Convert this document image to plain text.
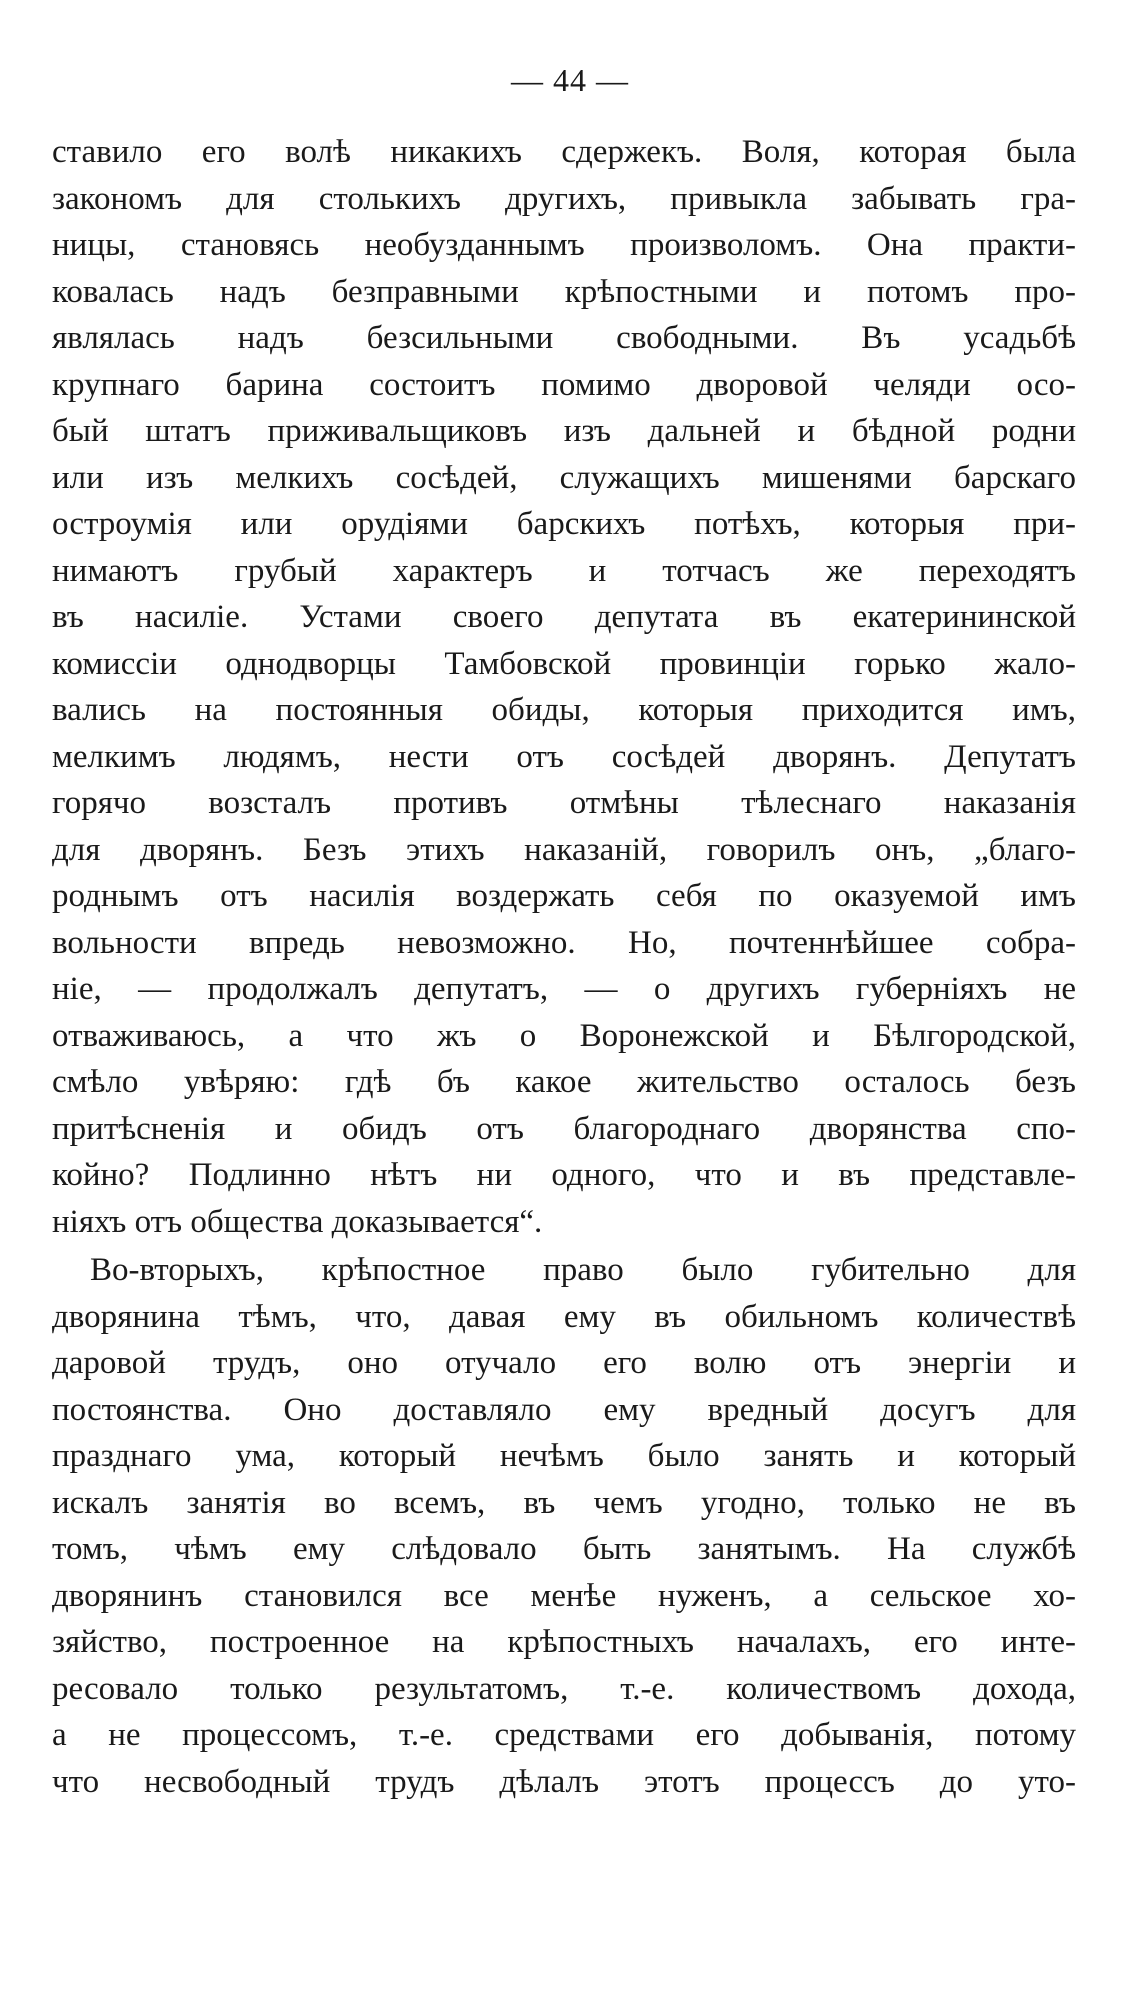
— 44 —
ставило его волѣ никакихъ сдержекъ. Воля, которая была
закономъ для столькихъ другихъ, привыкла забывать гра-
ницы, становясь необузданнымъ произволомъ. Она практи-
ковалась надъ безправными крѣпостными и потомъ про-
являлась надъ безсильными свободными. Въ усадьбѣ
крупнаго барина состоитъ помимо дворовой челяди осо-
бый штатъ приживальщиковъ изъ дальней и бѣдной родни
или изъ мелкихъ сосѣдей, служащихъ мишенями барскаго
остроумія или орудіями барскихъ потѣхъ, которыя при-
нимаютъ грубый характеръ и тотчасъ же переходятъ
въ насиліе. Устами своего депутата въ екатерининской
комиссіи однодворцы Тамбовской провинціи горько жало-
вались на постоянныя обиды, которыя приходится имъ,
мелкимъ людямъ, нести отъ сосѣдей дворянъ. Депутатъ
горячо возсталъ противъ отмѣны тѣлеснаго наказанія
для дворянъ. Безъ этихъ наказаній, говорилъ онъ, „благо-
роднымъ отъ насилія воздержать себя по оказуемой имъ
вольности впредь невозможно. Но, почтеннѣйшее собра-
ніе, — продолжалъ депутатъ, — о другихъ губерніяхъ не
отваживаюсь, а что жъ о Воронежской и Бѣлгородской,
смѣло увѣряю: гдѣ бъ какое жительство осталось безъ
притѣсненія и обидъ отъ благороднаго дворянства спо-
койно? Подлинно нѣтъ ни одного, что и въ представле-
ніяхъ отъ общества доказывается“.
Во-вторыхъ, крѣпостное право было губительно для
дворянина тѣмъ, что, давая ему въ обильномъ количествѣ
даровой трудъ, оно отучало его волю отъ энергіи и
постоянства. Оно доставляло ему вредный досугъ для
празднаго ума, который нечѣмъ было занять и который
искалъ занятія во всемъ, въ чемъ угодно, только не въ
томъ, чѣмъ ему слѣдовало быть занятымъ. На службѣ
дворянинъ становился все менѣе нуженъ, а сельское хо-
зяйство, построенное на крѣпостныхъ началахъ, его инте-
ресовало только результатомъ, т.-е. количествомъ дохода,
а не процессомъ, т.-е. средствами его добыванія, потому
что несвободный трудъ дѣлалъ этотъ процессъ до уто-
